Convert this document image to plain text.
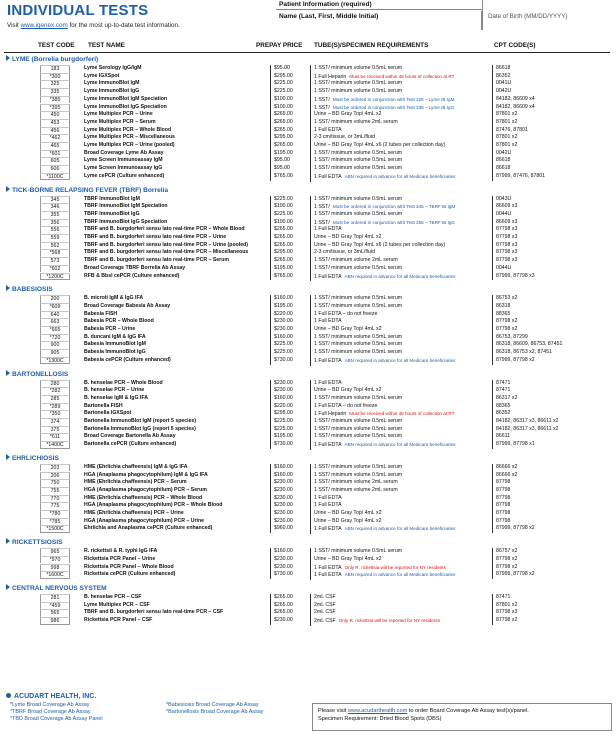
INDIVIDUAL TESTS
Visit www.igenex.com for the most up-to-date test information.
Patient Information (required)
Name (Last, First, Middle Initial)	Date of Birth (MM/DD/YYYY)
TEST CODE TEST NAME	PREPAY PRICE TUBE(S)/SPECIMEN REQUIREMENTS	CPT CODE(S)
LYME (Borrelia burgdorferi)
183	Lyme Serology IgG/IgM	$95.00	1 SST/ minimum volume 0.5mL serum	86618
*300	Lyme IGXSpot	$295.00	1 Full Heparin Must be received within 48 hours of collection at RT	86352
325	Lyme ImmunoBlot IgM	$225.00	1 SST/ minimum volume 0.5mL serum	0041U
335	Lyme ImmunoBlot IgG	$225.00	1 SST/ minimum volume 0.5mL serum	0042U
*385	Lyme ImmunoBlot IgM Speciation	$100.00	1 SST/ Must be ordered in conjunction with Test 325 – Lyme IB IgM	84182, 86609 x4
*395	Lyme ImmunoBlot IgG Speciation	$100.00	1 SST/ Must be ordered in conjunction with Test 335 – Lyme IB IgG	84182, 86609 x4
450	Lyme Multiplex PCR – Urine	$265.00	Urine – BD Gray Top/ 4mL x2	87801 x2
453	Lyme Multiplex PCR – Serum	$265.00	1 SST/ minimum volume 2mL serum	87801 x2
456	Lyme Multiplex PCR – Whole Blood	$265.00	1 Full EDTA	87476, 87801
*462	Lyme Multiplex PCR – Miscellaneous	$295.00	2-3 cm/tissue, or 3mL/fluid	87801 x2
465	Lyme Multiplex PCR – Urine (pooled)	$265.00	Urine – BD Gray Top/ 4mL x6 (2 tubes per collection day)	87801 x2
*601	Broad Coverage Lyme Ab Assay	$195.00	1 SST/ minimum volume 0.5mL serum	0042U
605	Lyme Screen Immunoassay IgM	$95.00	1 SST/ minimum volume 0.5mL serum	86618
606	Lyme Screen Immunoassay IgG	$95.00	1 SST/ minimum volume 0.5mL serum	86618
*1100C	Lyme cePCR (Culture enhanced)	$765.00	1 Full EDTA ABN required in advance for all Medicare beneficiaries	87999, 87476, 87801
TICK-BORNE RELAPSING FEVER (TBRF) Borrelia
345	TBRF ImmunoBlot IgM	$225.00	1 SST/ minimum volume 0.5mL serum	0043U
346	TBRF ImmunoBlot IgM Speciation	$100.00	1 SST/ Must be ordered in conjunction with Test 345 – TBRF IB IgM	86609 x3
355	TBRF ImmunoBlot IgG	$225.00	1 SST/ minimum volume 0.5mL serum	0044U
356	TBRF ImmunoBlot IgG Speciation	$100.00	1 SST/ Must be ordered in conjunction with Test 355 – TBRF IB IgG	86609 x3
556	TBRF and B. burgdorferi sensu lato real-time PCR – Whole Blood	$265.00	1 Full EDTA	87798 x3
559	TBRF and B. burgdorferi sensu lato real-time PCR – Urine	$265.00	Urine – BD Gray Top/ 4mL x2	87798 x3
562	TBRF and B. burgdorferi sensu lato real-time PCR – Urine (pooled)	$265.00	Urine – BD Gray Top/ 4mL x6 (2 tubes per collection day)	87798 x3
*568	TBRF and B. burgdorferi sensu lato real-time PCR – Miscellaneous	$295.00	2-3 cm/tissue, or 3mL/fluid	87798 x3
573	TBRF and B. burgdorferi sensu lato real-time PCR – Serum	$265.00	1 SST/ minimum volume 2mL serum	87798 x3
*602	Broad Coverage TBRF Borrelia Ab Assay	$195.00	1 SST/ minimum volume 0.5mL serum	0044U
*1200C	RFB & Bbsl cePCR (Culture enhanced)	$765.00	1 Full EDTA ABN required in advance for all Medicare beneficiaries	87999, 87798 x3
BABESIOSIS
200	B. microti IgM & IgG IFA	$160.00	1 SST/ minimum volume 0.5mL serum	86753 x2
*609	Broad Coverage Babesia Ab Assay	$195.00	1 SST/ minimum volume 0.5mL serum	86318
640	Babesia FISH	$220.00	1 Full EDTA – do not freeze	88365
663	Babesia PCR – Whole Blood	$230.00	1 Full EDTA	87798 x2
*665	Babesia PCR – Urine	$230.00	Urine – BD Gray Top/ 4mL x2	87798 x2
*720	B. duncani IgM & IgG IFA	$160.00	1 SST/ minimum volume 0.5mL serum	86753, 87299
900	Babesia ImmunoBlot IgM	$225.00	1 SST/ minimum volume 0.5mL serum	86318, 86609, 86753, 87451
905	Babesia ImmunoBlot IgG	$225.00	1 SST/ minimum volume 0.5mL serum	86318, 86753 x2, 87451
*1300C	Babesia cePCR (Culture enhanced)	$730.00	1 Full EDTA ABN required in advance for all Medicare beneficiaries	87999, 87798 x2
BARTONELLOSIS
280	B. henselae PCR – Whole Blood	$230.00	1 Full EDTA	87471
*282	B. henselae PCR – Urine	$230.00	Urine – BD Gray Top/ 4mL x2	87471
285	B. henselae IgM & IgG IFA	$160.00	1 SST/ minimum volume 0.5mL serum	86317 x2
*289	Bartonella FISH	$220.00	1 Full EDTA – do not freeze	88365
*350	Bartonella IGXSpot	$295.00	1 Full Heparin Must be received within 48 hours of collection at RT	86352
374	Bartonella ImmunoBlot IgM (report 5 species)	$225.00	1 SST/ minimum volume 0.5mL serum	84182, 86317 x3, 86611 x2
375	Bartonella ImmunoBlot IgG (report 5 species)	$225.00	1 SST/ minimum volume 0.5mL serum	84182, 86317 x3, 86611 x2
*611	Broad Coverage Bartonella Ab Assay	$195.00	1 SST/ minimum volume 0.5mL serum	86611
*1400C	Bartonella cePCR (Culture enhanced)	$730.00	1 Full EDTA ABN required in advance for all Medicare beneficiaries	87999, 87798 x1
EHRLICHIOSIS
203	HME (Ehrlichia chaffeensis) IgM & IgG IFA	$160.00	1 SST/ minimum volume 0.5mL serum	86666 x2
206	HGA (Anaplasma phagocytophilum) IgM & IgG IFA	$160.00	1 SST/ minimum volume 0.5mL serum	86666 x2
750	HME (Ehrlichia chaffeensis) PCR – Serum	$230.00	1 SST/ minimum volume 2mL serum	87798
755	HGA (Anaplasma phagocytophilum) PCR – Serum	$230.00	1 SST/ minimum volume 2mL serum	87798
770	HME (Ehrlichia chaffeensis) PCR – Whole Blood	$230.00	1 Full EDTA	87798
775	HGA (Anaplasma phagocytophilum) PCR – Whole Blood	$230.00	1 Full EDTA	87798
*780	HME (Ehrlichia chaffeensis) PCR – Urine	$230.00	Urine – BD Gray Top/ 4mL x2	87798
*785	HGA (Anaplasma phagocytophilum) PCR – Urine	$230.00	Urine – BD Gray Top/ 4mL x2	87798
*1500C	Ehrlichia and Anaplasma cePCR (Culture enhanced)	$960.00	1 Full EDTA ABN required in advance for all Medicare beneficiaries	87999, 87798 x2
RICKETTSIOSIS
965	R. rickettsii & R. typhi IgG IFA	$160.00	1 SST/ minimum volume 0.5mL serum	86757 x2
*970	Rickettsia PCR Panel – Urine	$230.00	Urine – BD Gray Top/ 4mL x2	87798 x2
998	Rickettsia PCR Panel – Whole Blood	$230.00	1 Full EDTA Only R. rickettsia will be reported for NY residents	87798 x2
*1600C	Rickettsia cePCR (Culture enhanced)	$730.00	1 Full EDTA ABN required in advance for all Medicare beneficiaries	87999, 87798 x2
CENTRAL NERVOUS SYSTEM
281	B. henselae PCR – CSF	$265.00	2mL CSF	87471
*459	Lyme Multiplex PCR – CSF	$265.00	2mL CSF	87801 x2
565	TBRF and B. burgdorferi sensu lato real-time PCR – CSF	$265.00	2mL CSF	87798 x3
986	Rickettsia PCR Panel – CSF	$230.00	2mL CSF Only R. rickettsia will be reported for NY residents	87798 x2
ACUDART HEALTH, INC.
*Lyme Broad Coverage Ab Assay
*TBRF Broad Coverage Ab Assay
*TBD Broad Coverage Ab Assay Panel
*Babesiosis Broad Coverage Ab Assay
*Bartonellosis Broad Coverage Ab Assay	Please visit www.acudarthealth.com to order Board Coverage Ab Assay test(s)/panel.
Specimen Requirement: Dried Blood Spots (DBS)
